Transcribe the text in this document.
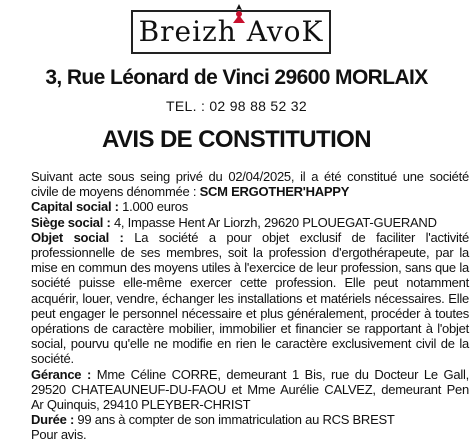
Breizh AvoK
3, Rue Léonard de Vinci 29600 MORLAIX
TEL. : 02 98 88 52 32
AVIS DE CONSTITUTION

Suivant acte sous seing privé du 02/04/2025, il a été constitué une société civile de moyens dénommée : SCM ERGOTHER'HAPPY

Capital social : 1.000 euros

Siège social : 4, Impasse Hent Ar Liorzh, 29620 PLOUEGAT-GUERAND

Objet social : La société a pour objet exclusif de faciliter l'activité professionnelle de ses membres, soit la profession d'ergothérapeute, par la mise en commun des moyens utiles à l'exercice de leur profession, sans que la société puisse elle-même exercer cette profession. Elle peut notamment acquérir, louer, vendre, échanger les installations et matériels nécessaires. Elle peut engager le personnel nécessaire et plus généralement, procéder à toutes opérations de caractère mobilier, immobilier et financier se rapportant à l'objet social, pourvu qu'elle ne modifie en rien le caractère exclusivement civil de la société.

Gérance : Mme Céline CORRE, demeurant 1 Bis, rue du Docteur Le Gall, 29520 CHATEAUNEUF-DU-FAOU et Mme Aurélie CALVEZ, demeurant Pen Ar Quinquis, 29410 PLEYBER-CHRIST

Durée : 99 ans à compter de son immatriculation au RCS BREST

Pour avis.
